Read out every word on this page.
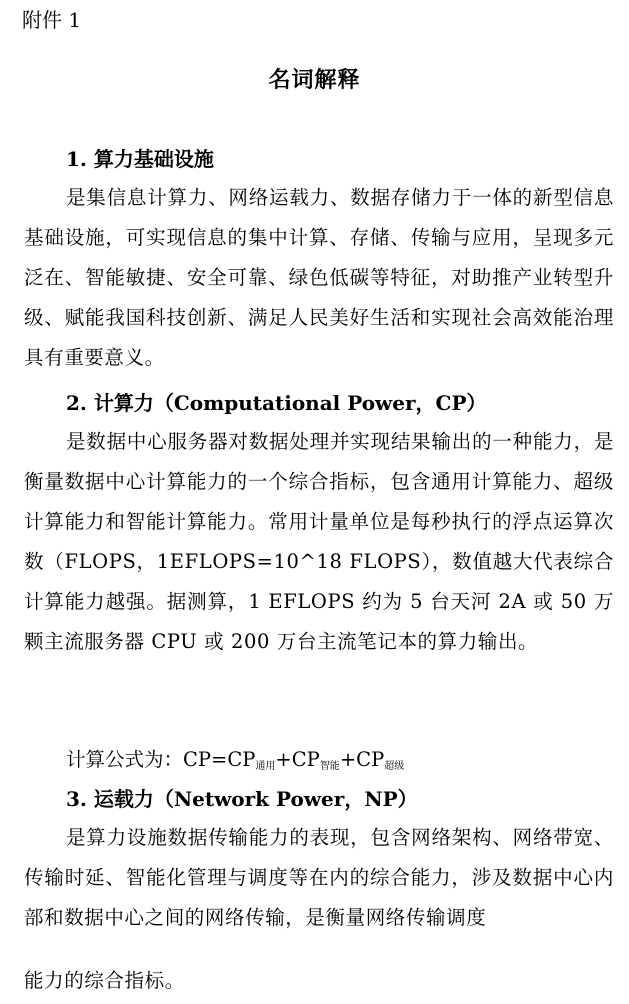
附件 1
名词解释
1. 算力基础设施
是集信息计算力、网络运载力、数据存储力于一体的新型信息基础设施，可实现信息的集中计算、存储、传输与应用，呈现多元泛在、智能敏捷、安全可靠、绿色低碳等特征，对助推产业转型升级、赋能我国科技创新、满足人民美好生活和实现社会高效能治理具有重要意义。
2. 计算力（Computational Power，CP）
是数据中心服务器对数据处理并实现结果输出的一种能力，是衡量数据中心计算能力的一个综合指标，包含通用计算能力、超级计算能力和智能计算能力。常用计量单位是每秒执行的浮点运算次数（FLOPS，1EFLOPS=10^18 FLOPS），数值越大代表综合计算能力越强。据测算，1 EFLOPS 约为 5 台天河 2A 或 50 万颗主流服务器 CPU 或 200 万台主流笔记本的算力输出。
计算公式为：$CP=CP_{通用}+CP_{智能}+CP_{超级}$
3. 运载力（Network Power，NP）
是算力设施数据传输能力的表现，包含网络架构、网络带宽、传输时延、智能化管理与调度等在内的综合能力，涉及数据中心内部和数据中心之间的网络传输，是衡量网络传输调度
能力的综合指标。
